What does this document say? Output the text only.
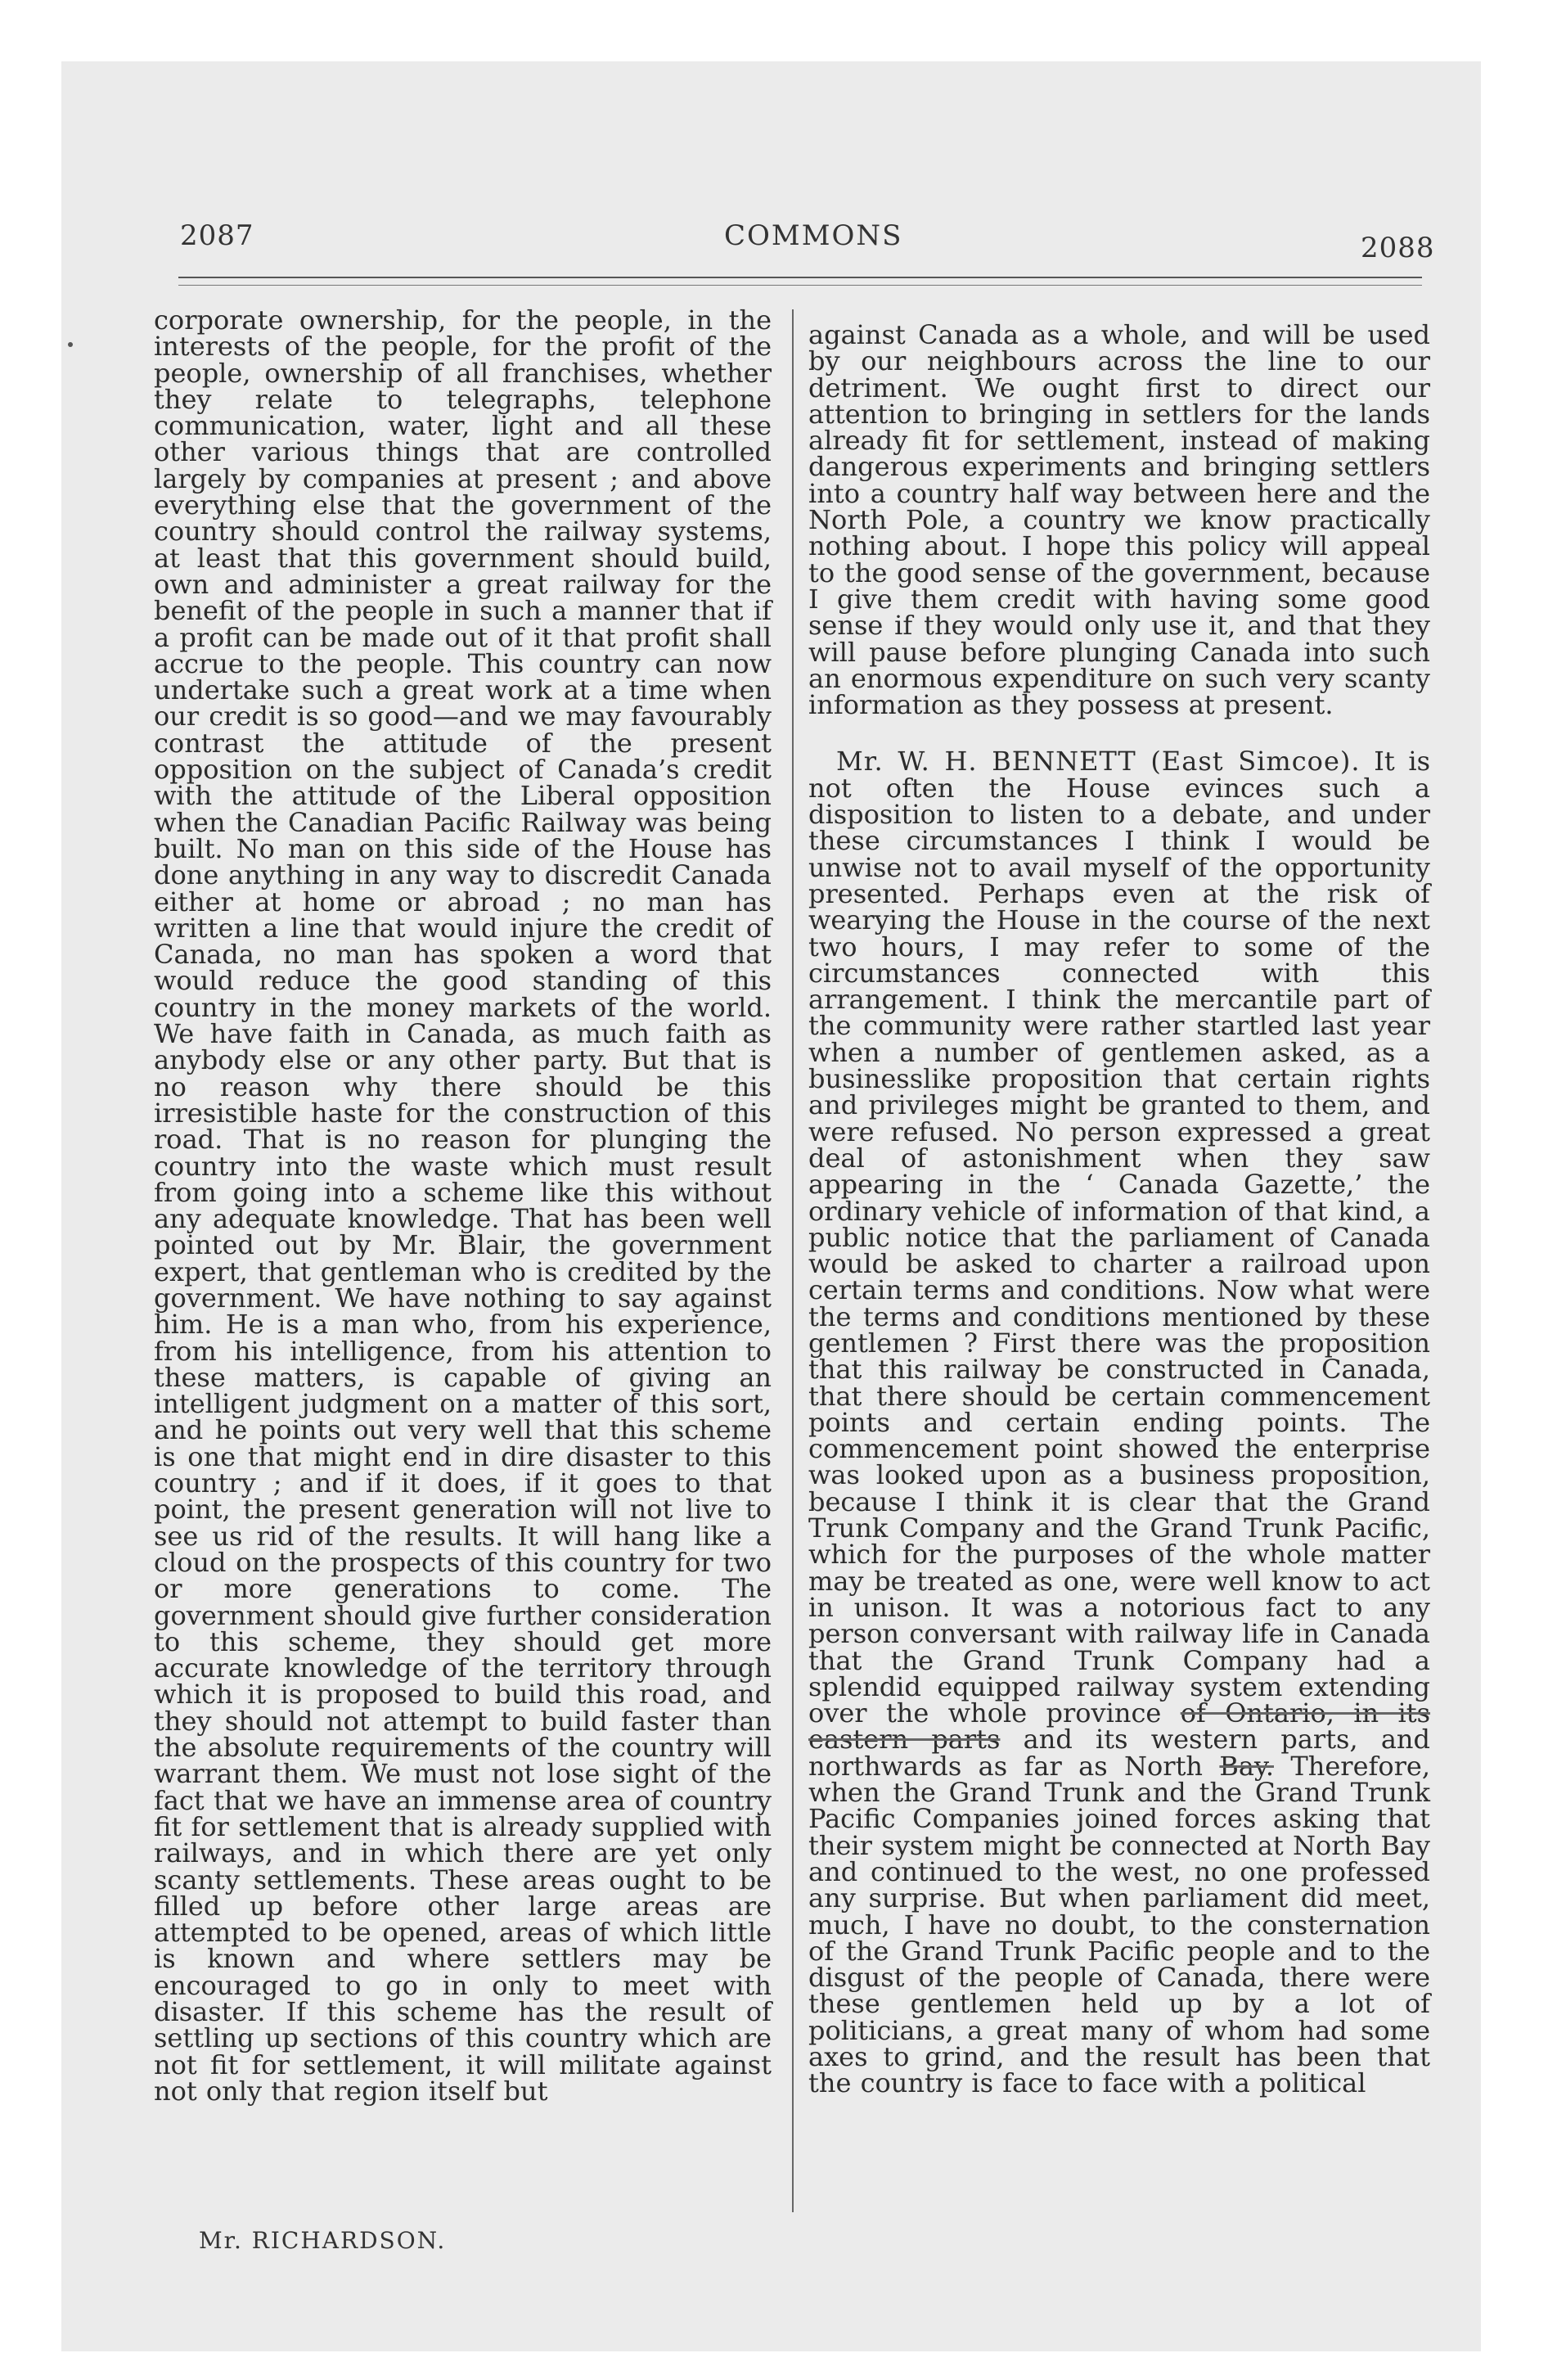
2087	COMMONS	2088

corporate ownership, for the people, in the interests of the people, for the profit of the people, ownership of all franchises, whether they relate to telegraphs, telephone communication, water, light and all these other various things that are controlled largely by companies at present ; and above everything else that the government of the country should control the railway systems, at least that this government should build, own and administer a great railway for the benefit of the people in such a manner that if a profit can be made out of it that profit shall accrue to the people. This country can now undertake such a great work at a time when our credit is so good—and we may favourably contrast the attitude of the present opposition on the subject of Canada’s credit with the attitude of the Liberal opposition when the Canadian Pacific Railway was being built. No man on this side of the House has done anything in any way to discredit Canada either at home or abroad ; no man has written a line that would injure the credit of Canada, no man has spoken a word that would reduce the good standing of this country in the money markets of the world. We have faith in Canada, as much faith as anybody else or any other party. But that is no reason why there should be this irresistible haste for the construction of this road. That is no reason for plunging the country into the waste which must result from going into a scheme like this without any adequate knowledge. That has been well pointed out by Mr. Blair, the government expert, that gentleman who is credited by the government. We have nothing to say against him. He is a man who, from his experience, from his intelligence, from his attention to these matters, is capable of giving an intelligent judgment on a matter of this sort, and he points out very well that this scheme is one that might end in dire disaster to this country ; and if it does, if it goes to that point, the present generation will not live to see us rid of the results. It will hang like a cloud on the prospects of this country for two or more generations to come. The government should give further consideration to this scheme, they should get more accurate knowledge of the territory through which it is proposed to build this road, and they should not attempt to build faster than the absolute requirements of the country will warrant them. We must not lose sight of the fact that we have an immense area of country fit for settlement that is already supplied with railways, and in which there are yet only scanty settlements. These areas ought to be filled up before other large areas are attempted to be opened, areas of which little is known and where settlers may be encouraged to go in only to meet with disaster. If this scheme has the result of settling up sections of this country which are not fit for settlement, it will militate against not only that region itself but

against Canada as a whole, and will be used by our neighbours across the line to our detriment. We ought first to direct our attention to bringing in settlers for the lands already fit for settlement, instead of making dangerous experiments and bringing settlers into a country half way between here and the North Pole, a country we know practically nothing about. I hope this policy will appeal to the good sense of the government, because I give them credit with having some good sense if they would only use it, and that they will pause before plunging Canada into such an enormous expenditure on such very scanty information as they possess at present.

Mr. W. H. BENNETT (East Simcoe). It is not often the House evinces such a disposition to listen to a debate, and under these circumstances I think I would be unwise not to avail myself of the opportunity presented. Perhaps even at the risk of wearying the House in the course of the next two hours, I may refer to some of the circumstances connected with this arrangement. I think the mercantile part of the community were rather startled last year when a number of gentlemen asked, as a businesslike proposition that certain rights and privileges might be granted to them, and were refused. No person expressed a great deal of astonishment when they saw appearing in the ‘ Canada Gazette,’ the ordinary vehicle of information of that kind, a public notice that the parliament of Canada would be asked to charter a railroad upon certain terms and conditions. Now what were the terms and conditions mentioned by these gentlemen ? First there was the proposition that this railway be constructed in Canada, that there should be certain commencement points and certain ending points. The commencement point showed the enterprise was looked upon as a business proposition, because I think it is clear that the Grand Trunk Company and the Grand Trunk Pacific, which for the purposes of the whole matter may be treated as one, were well know to act in unison. It was a notorious fact to any person conversant with railway life in Canada that the Grand Trunk Company had a splendid equipped railway system extending over the whole province of Ontario, in its eastern parts and its western parts, and northwards as far as North Bay. Therefore, when the Grand Trunk and the Grand Trunk Pacific Companies joined forces asking that their system might be connected at North Bay and continued to the west, no one professed any surprise. But when parliament did meet, much, I have no doubt, to the consternation of the Grand Trunk Pacific people and to the disgust of the people of Canada, there were these gentlemen held up by a lot of politicians, a great many of whom had some axes to grind, and the result has been that the country is face to face with a political

Mr. RICHARDSON.
